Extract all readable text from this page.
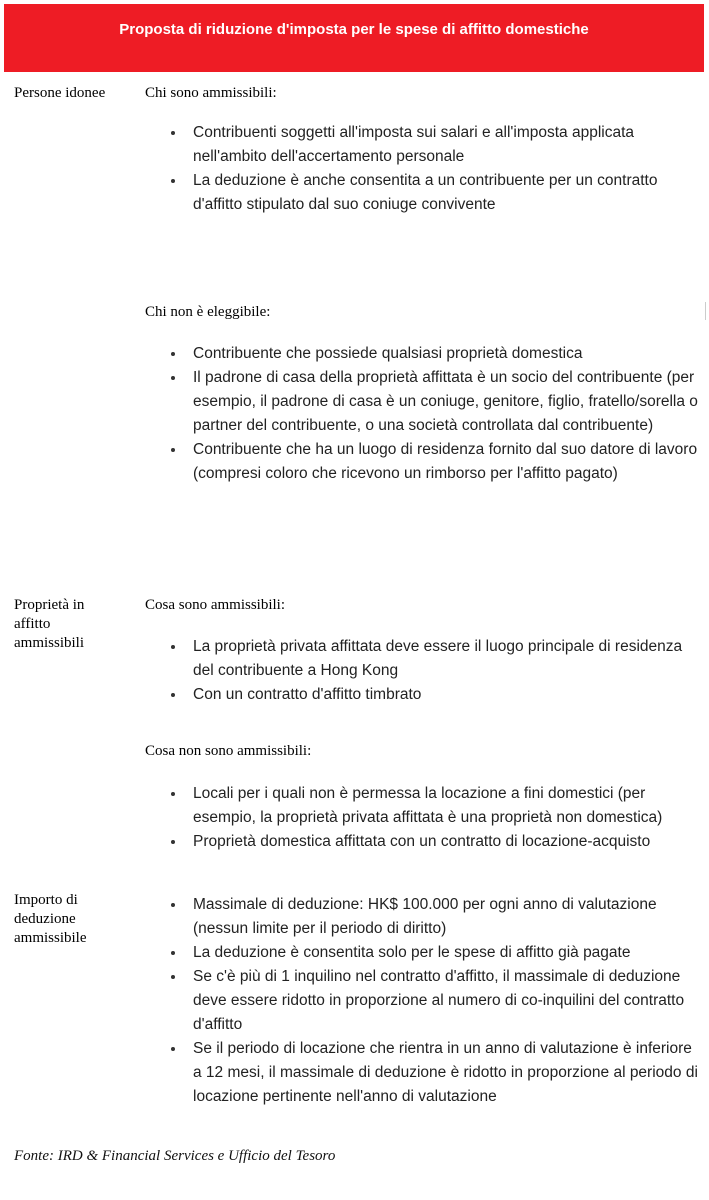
Proposta di riduzione d'imposta per le spese di affitto domestiche
Persone idonee	Chi sono ammissibili:
Contribuenti soggetti all'imposta sui salari e all'imposta applicata nell'ambito dell'accertamento personale
La deduzione è anche consentita a un contribuente per un contratto d'affitto stipulato dal suo coniuge convivente
Chi non è eleggibile:
Contribuente che possiede qualsiasi proprietà domestica
Il padrone di casa della proprietà affittata è un socio del contribuente (per esempio, il padrone di casa è un coniuge, genitore, figlio, fratello/sorella o partner del contribuente, o una società controllata dal contribuente)
Contribuente che ha un luogo di residenza fornito dal suo datore di lavoro (compresi coloro che ricevono un rimborso per l'affitto pagato)
Proprietà in affitto ammissibili
Cosa sono ammissibili:
La proprietà privata affittata deve essere il luogo principale di residenza del contribuente a Hong Kong
Con un contratto d'affitto timbrato
Cosa non sono ammissibili:
Locali per i quali non è permessa la locazione a fini domestici (per esempio, la proprietà privata affittata è una proprietà non domestica)
Proprietà domestica affittata con un contratto di locazione-acquisto
Importo di deduzione ammissibile
Massimale di deduzione: HK$ 100.000 per ogni anno di valutazione (nessun limite per il periodo di diritto)
La deduzione è consentita solo per le spese di affitto già pagate
Se c'è più di 1 inquilino nel contratto d'affitto, il massimale di deduzione deve essere ridotto in proporzione al numero di co-inquilini del contratto d'affitto
Se il periodo di locazione che rientra in un anno di valutazione è inferiore a 12 mesi, il massimale di deduzione è ridotto in proporzione al periodo di locazione pertinente nell'anno di valutazione
Fonte: IRD & Financial Services e Ufficio del Tesoro
